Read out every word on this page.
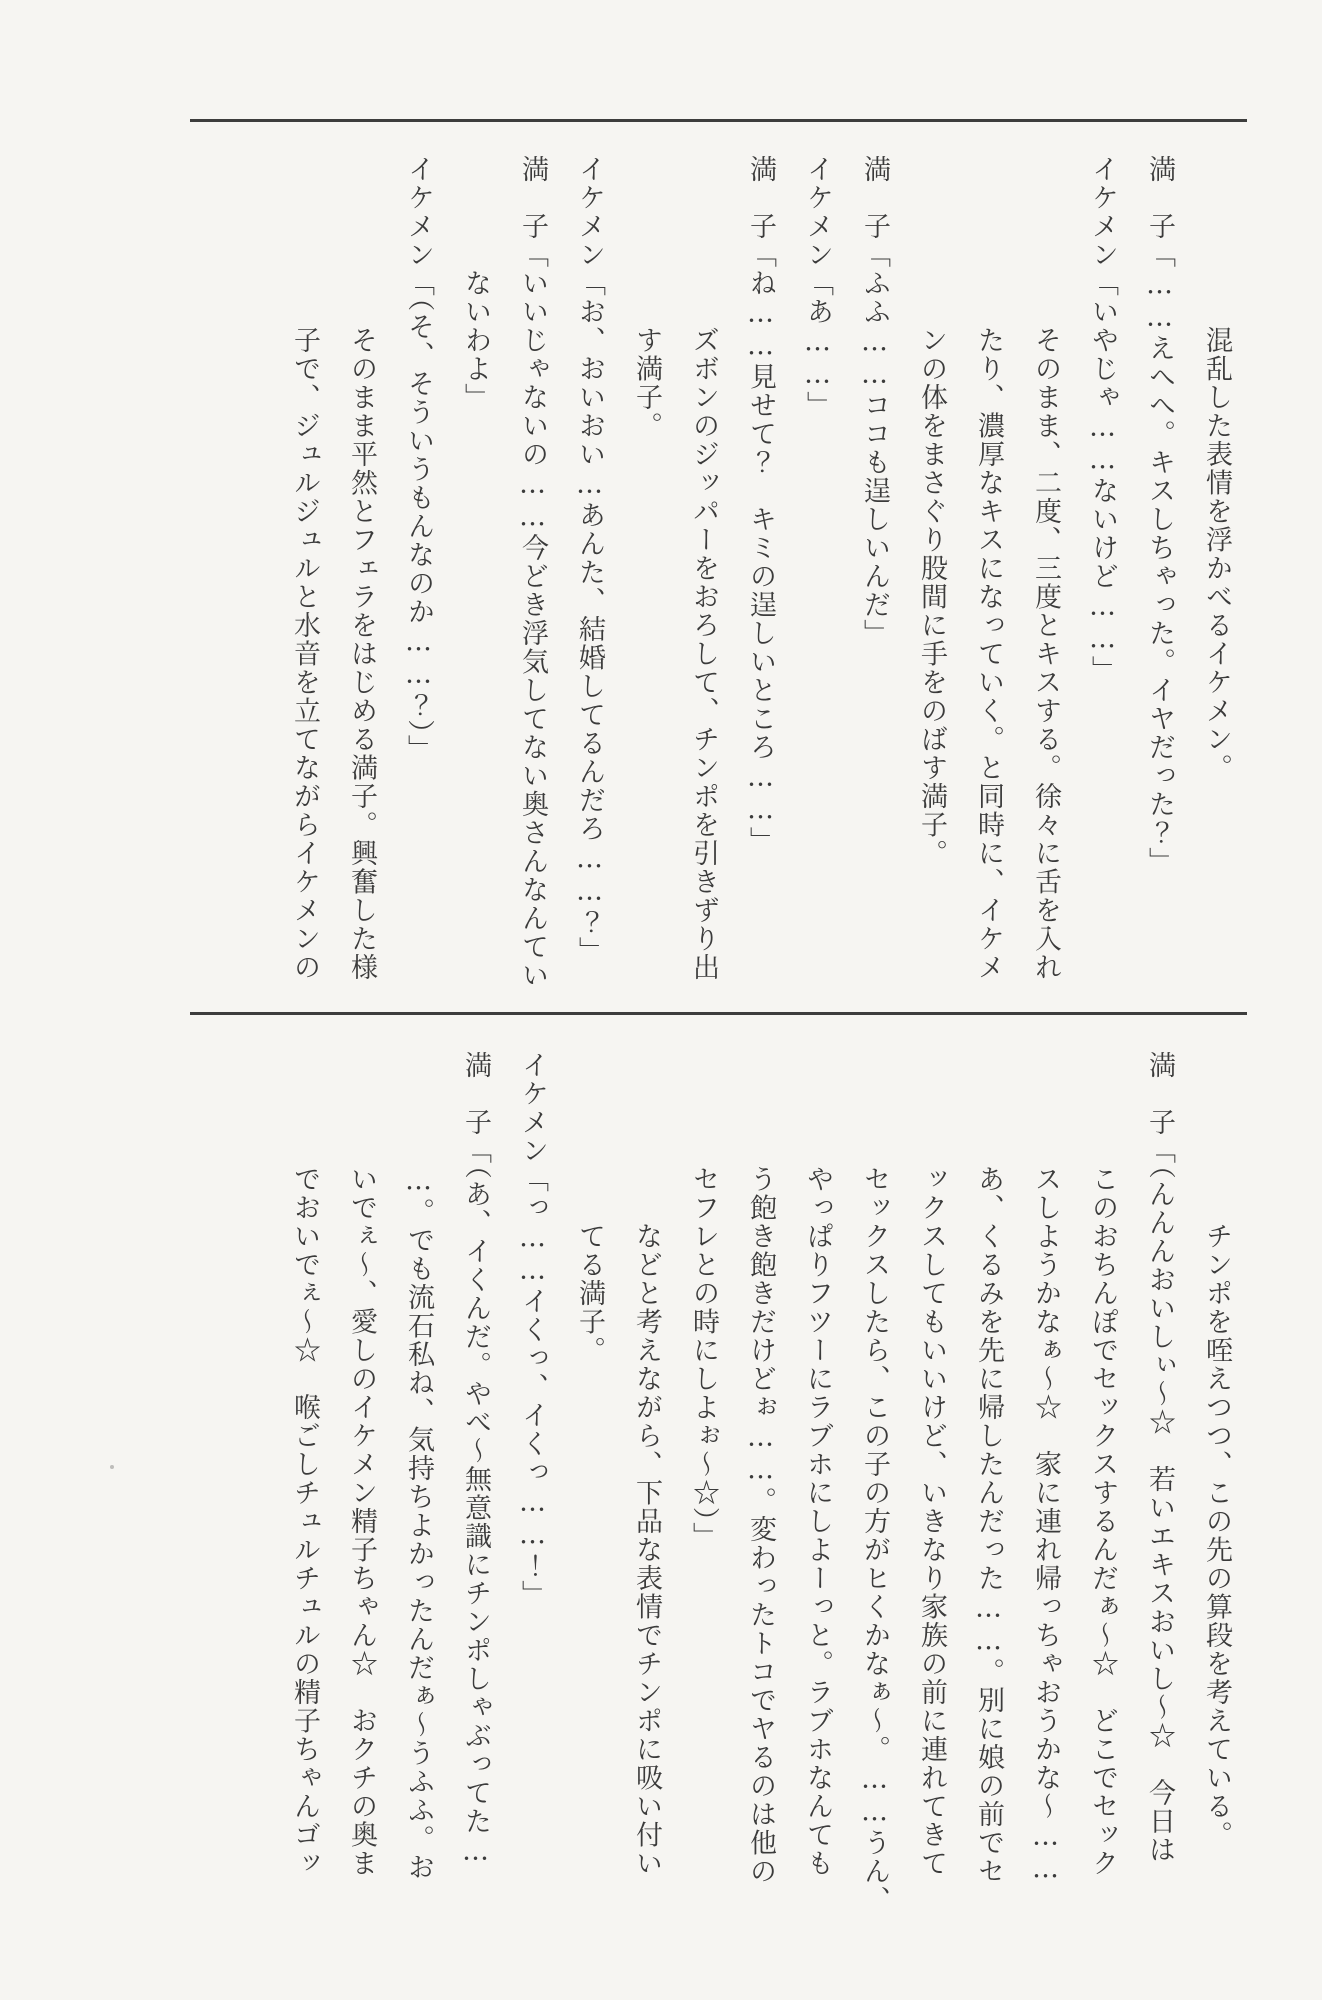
混乱した表情を浮かべるイケメン。
満　子「……えへへ。キスしちゃった。イヤだった？」
イケメン「いやじゃ……ないけど……」
そのまま、二度、三度とキスする。徐々に舌を入れ
たり、濃厚なキスになっていく。と同時に、イケメ
ンの体をまさぐり股間に手をのばす満子。
満　子「ふふ……ココも逞しいんだ」
イケメン「あ……」
満　子「ね……見せて？　キミの逞しいところ……」
ズボンのジッパーをおろして、チンポを引きずり出
す満子。
イケメン「お、おいおい…あんた、結婚してるんだろ……？」
満　子「いいじゃないの……今どき浮気してない奥さんなんてい
ないわよ」
イケメン「（そ、そういうもんなのか……？）」
そのまま平然とフェラをはじめる満子。興奮した様
子で、ジュルジュルと水音を立てながらイケメンの
チンポを咥えつつ、この先の算段を考えている。
満　子「（んんんおいしぃ〜☆　若いエキスおいし〜☆　今日は
このおちんぽでセックスするんだぁ〜☆　どこでセック
スしようかなぁ〜☆　家に連れ帰っちゃおうかな〜……
あ、くるみを先に帰したんだった……。別に娘の前でセ
ックスしてもいいけど、いきなり家族の前に連れてきて
セックスしたら、この子の方がヒくかなぁ〜。……うん、
やっぱりフツーにラブホにしよーっと。ラブホなんても
う飽き飽きだけどぉ……。変わったトコでヤるのは他の
セフレとの時にしよぉ〜☆）」
などと考えながら、下品な表情でチンポに吸い付い
てる満子。
イケメン「っ……イくっ、イくっ……！」
満　子「（あ、イくんだ。やべ〜無意識にチンポしゃぶってた…
…。でも流石私ね、気持ちよかったんだぁ〜うふふ。お
いでぇ〜、愛しのイケメン精子ちゃん☆　おクチの奥ま
でおいでぇ〜☆　喉ごしチュルチュルの精子ちゃんゴッ
